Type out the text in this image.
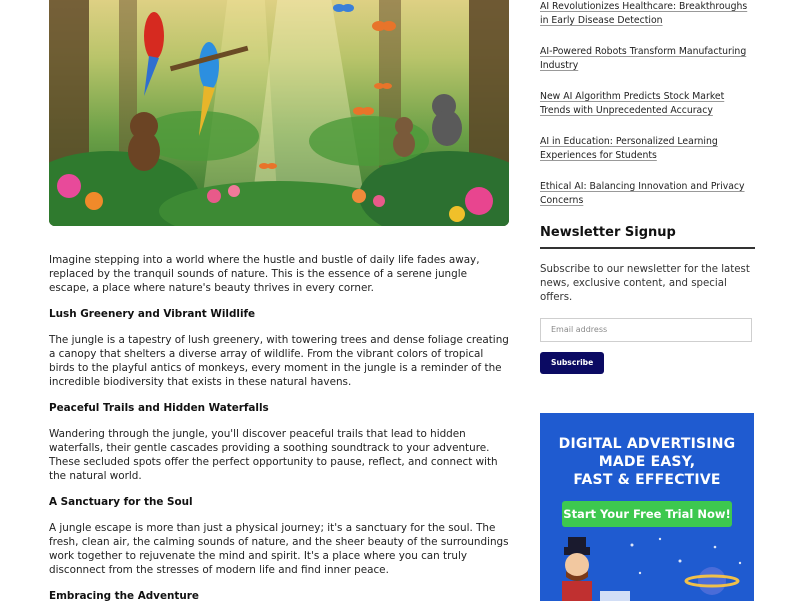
Imagine stepping into a world where the hustle and bustle of daily life fades away, replaced by the tranquil sounds of nature. This is the essence of a serene jungle escape, a place where nature's beauty thrives in every corner.

Lush Greenery and Vibrant Wildlife

The jungle is a tapestry of lush greenery, with towering trees and dense foliage creating a canopy that shelters a diverse array of wildlife. From the vibrant colors of tropical birds to the playful antics of monkeys, every moment in the jungle is a reminder of the incredible biodiversity that exists in these natural havens.

Peaceful Trails and Hidden Waterfalls

Wandering through the jungle, you'll discover peaceful trails that lead to hidden waterfalls, their gentle cascades providing a soothing soundtrack to your adventure. These secluded spots offer the perfect opportunity to pause, reflect, and connect with the natural world.

A Sanctuary for the Soul

A jungle escape is more than just a physical journey; it's a sanctuary for the soul. The fresh, clean air, the calming sounds of nature, and the sheer beauty of the surroundings work together to rejuvenate the mind and spirit. It's a place where you can truly disconnect from the stresses of modern life and find inner peace.

Embracing the Adventure
AI Revolutionizes Healthcare: Breakthroughs in Early Disease Detection
AI-Powered Robots Transform Manufacturing Industry
New AI Algorithm Predicts Stock Market Trends with Unprecedented Accuracy
AI in Education: Personalized Learning Experiences for Students
Ethical AI: Balancing Innovation and Privacy Concerns
Newsletter Signup

Subscribe to our newsletter for the latest news, exclusive content, and special offers.

Email address
Subscribe
DIGITAL ADVERTISING
MADE EASY,
FAST & EFFECTIVE
Start Your Free Trial Now!
